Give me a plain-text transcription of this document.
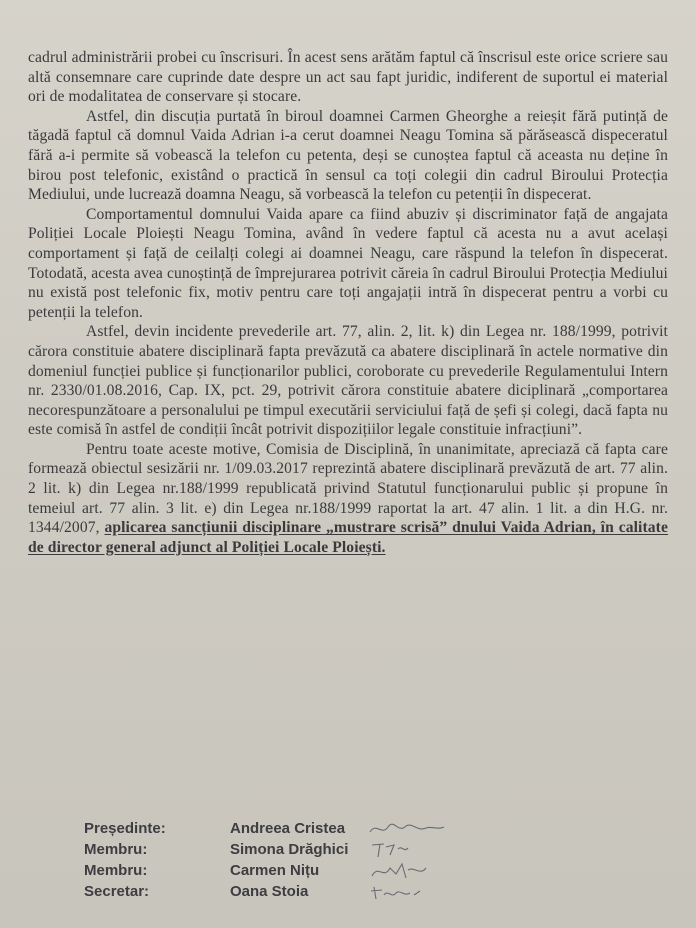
cadrul administrării probei cu înscrisuri. În acest sens arătăm faptul că înscrisul este orice scriere sau altă consemnare care cuprinde date despre un act sau fapt juridic, indiferent de suportul ei material ori de modalitatea de conservare și stocare.

Astfel, din discuția purtată în biroul doamnei Carmen Gheorghe a reieșit fără putință de tăgadă faptul că domnul Vaida Adrian i-a cerut doamnei Neagu Tomina să părăsească dispeceratul fără a-i permite să vobească la telefon cu petenta, deși se cunoștea faptul că aceasta nu deține în birou post telefonic, existând o practică în sensul ca toți colegii din cadrul Biroului Protecția Mediului, unde lucrează doamna Neagu, să vorbească la telefon cu petenții în dispecerat.

Comportamentul domnului Vaida apare ca fiind abuziv și discriminator față de angajata Poliției Locale Ploiești Neagu Tomina, având în vedere faptul că acesta nu a avut același comportament și față de ceilalți colegi ai doamnei Neagu, care răspund la telefon în dispecerat. Totodată, acesta avea cunoștință de împrejurarea potrivit căreia în cadrul Biroului Protecția Mediului nu există post telefonic fix, motiv pentru care toți angajații intră în dispecerat pentru a vorbi cu petenții la telefon.

Astfel, devin incidente prevederile art. 77, alin. 2, lit. k) din Legea nr. 188/1999, potrivit cărora constituie abatere disciplinară fapta prevăzută ca abatere disciplinară în actele normative din domeniul funcției publice și funcționarilor publici, coroborate cu prevederile Regulamentului Intern nr. 2330/01.08.2016, Cap. IX, pct. 29, potrivit cărora constituie abatere diciplinară „comportarea necorespunzătoare a personalului pe timpul executării serviciului față de șefi și colegi, dacă fapta nu este comisă în astfel de condiții încât potrivit dispozițiilor legale constituie infracțiuni”.

Pentru toate aceste motive, Comisia de Disciplină, în unanimitate, apreciază că fapta care formează obiectul sesizării nr. 1/09.03.2017 reprezintă abatere disciplinară prevăzută de art. 77 alin. 2 lit. k) din Legea nr.188/1999 republicată privind Statutul funcționarului public și propune în temeiul art. 77 alin. 3 lit. e) din Legea nr.188/1999 raportat la art. 47 alin. 1 lit. a din H.G. nr. 1344/2007, aplicarea sancțiunii disciplinare „mustrare scrisă” dnului Vaida Adrian, în calitate de director general adjunct al Poliției Locale Ploiești.

Președinte:	Andreea Cristea
Membru:	Simona Drăghici
Membru:	Carmen Nițu
Secretar:	Oana Stoia
